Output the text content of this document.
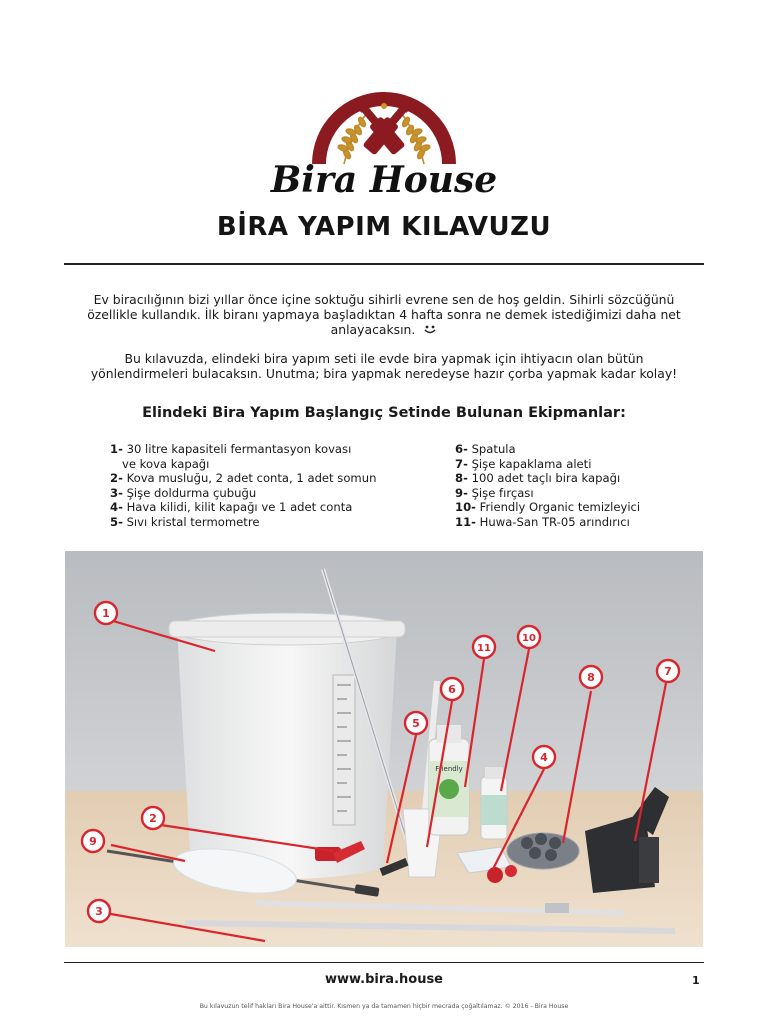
Bira House
BİRA YAPIM KILAVUZU
Ev biracılığının bizi yıllar önce içine soktuğu sihirli evrene sen de hoş geldin. Sihirli sözcüğünü
özellikle kullandık. İlk biranı yapmaya başladıktan 4 hafta sonra ne demek istediğimizi daha net
anlayacaksın.
Bu kılavuzda, elindeki bira yapım seti ile evde bira yapmak için ihtiyacın olan bütün
yönlendirmeleri bulacaksın. Unutma; bira yapmak neredeyse hazır çorba yapmak kadar kolay!
Elindeki Bira Yapım Başlangıç Setinde Bulunan Ekipmanlar:
1- 30 litre kapasiteli fermantasyon kovası
ve kova kapağı
2- Kova musluğu, 2 adet conta, 1 adet somun
3- Şişe doldurma çubuğu
4- Hava kilidi, kilit kapağı ve 1 adet conta
5- Sıvı kristal termometre
6- Spatula
7- Şişe kapaklama aleti
8- 100 adet taçlı bira kapağı
9- Şişe fırçası
10- Friendly Organic temizleyici
11- Huwa-San TR-05 arındırıcı
Friendly
1
2
3
4
5
6
7
8
9
10
11
www.bira.house	1
Bu kılavuzun telif hakları Bira House'a aittir. Kısmen ya da tamamen hiçbir mecrada çoğaltılamaz. © 2016 - Bira House
